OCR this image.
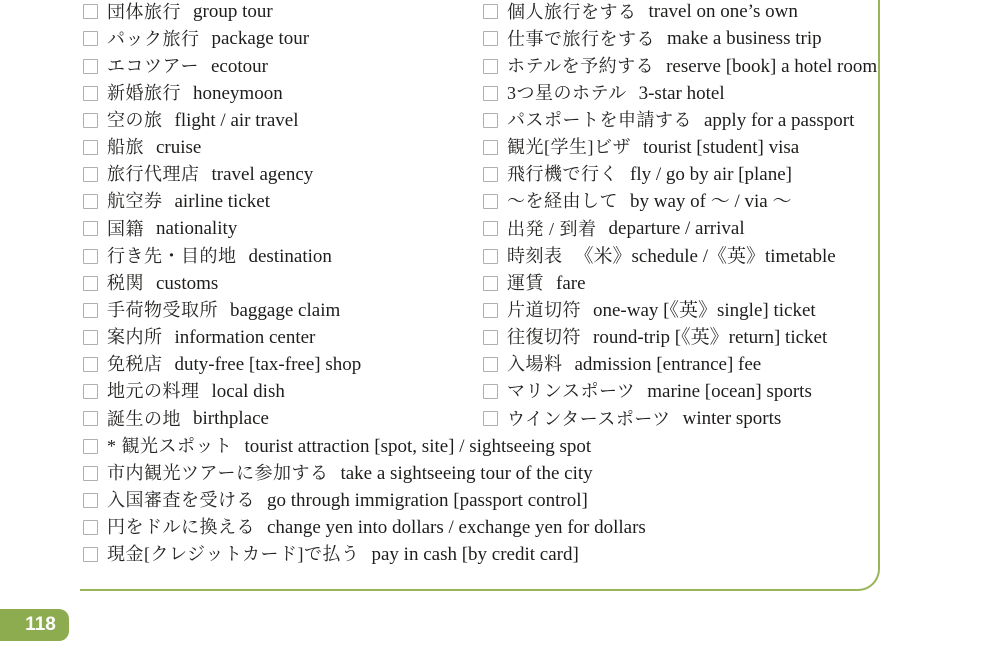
団体旅行 group tour
パック旅行 package tour
エコツアー ecotour
新婚旅行 honeymoon
空の旅 flight / air travel
船旅 cruise
旅行代理店 travel agency
航空券 airline ticket
国籍 nationality
行き先・目的地 destination
税関 customs
手荷物受取所 baggage claim
案内所 information center
免税店 duty-free [tax-free] shop
地元の料理 local dish
誕生の地 birthplace
個人旅行をする travel on one’s own
仕事で旅行をする make a business trip
ホテルを予約する reserve [book] a hotel room
3つ星のホテル 3-star hotel
パスポートを申請する apply for a passport
観光[学生]ビザ tourist [student] visa
飛行機で行く fly / go by air [plane]
～を経由して by way of ～ / via ～
出発 / 到着 departure / arrival
時刻表 《米》schedule /《英》timetable
運賃 fare
片道切符 one-way [《英》single] ticket
往復切符 round-trip [《英》return] ticket
入場料 admission [entrance] fee
マリンスポーツ marine [ocean] sports
ウインタースポーツ winter sports
* 観光スポット tourist attraction [spot, site] / sightseeing spot
市内観光ツアーに参加する take a sightseeing tour of the city
入国審査を受ける go through immigration [passport control]
円をドルに換える change yen into dollars / exchange yen for dollars
現金[クレジットカード]で払う pay in cash [by credit card]
118
